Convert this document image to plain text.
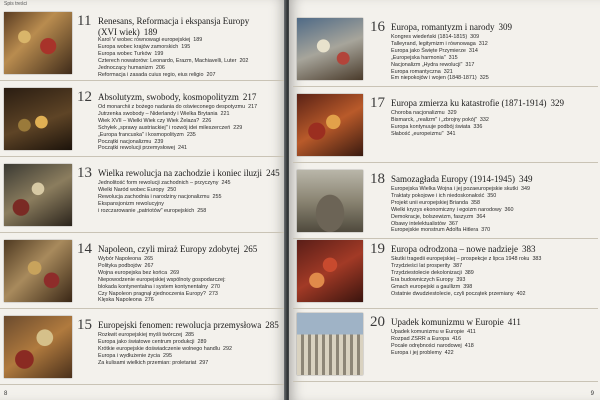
Spis treści
8
11 Renesans, Reformacja i ekspansja Europy
(XVI wiek) 189
Karol V wobec równowagi europejskiej 189
Europa wobec krajów zamorskich 195
Europa wobec Turków 199
Czterech nowatorów: Leonardo, Erazm, Machiavelli, Luter 202
Jednoczący humanizm 206
Reformacja i zasada cuius regio, eius religio 207
12 Absolutyzm, swobody, kosmopolityzm 217
Od monarchii z bożego nadania do oświeconego despotyzmu 217
Jutrzenka swobody – Niderlandy i Wielka Brytania 221
Wiek XVII – Wielki Wiek czy Wiek Żelaza? 226
Schyłek „sprawy austriackiej" i rozwój idei mileszerczeń 229
„Europa francuska" i kosmopolityzm 235
Początki nacjonalizmu 239
Początki rewolucji przemysłowej 241
13 Wielka rewolucja na zachodzie i koniec iluzji 245
Jednolitość form rewolucji zachodnich – przyczyny 245
Wielki Naród wobec Europy 250
Rewolucja zachodnia i narodziny nacjonalizmu 255
Ekspansjonizm rewolucyjny
i rozczarowanie „patriotów" europejskich 258
14 Napoleon, czyli miraż Europy zdobytej 265
Wybór Napoleona 265
Polityka podbojów 267
Wojna europejska bez końca 269
Niepowodzenie europejskiej wspólnoty gospodarczej:
blokada kontynentalna i system kontynentalny 270
Czy Napoleon pragnął zjednoczenia Europy? 273
Klęska Napoleona 276
15 Europejski fenomen: rewolucja przemysłowa 285
Rozkwit europejskiej myśli twórczej 285
Europa jako światowe centrum produkcji 289
Krótkie europejskie doświadczenie wolnego handlu 292
Europa i wydłużenie życia 295
Za kulisami wielkich przemian: proletariat 297
9
16 Europa, romantyzm i narody 309
Kongres wiedeński (1814-1815) 309
Talleyrand, legitymizm i równowaga 312
Europa jako Święte Przymierze 314
„Europejska harmonia" 315
Nacjonalizm „Hydra rewolucji" 317
Europa romantyczna 321
Em niepokojów i wojen (1848-1871) 325
17 Europa zmierza ku katastrofie (1871-1914) 329
Choroba nacjonalizmu 329
Bismarck, „realizm" i „zbrojny pokój" 332
Europa kontynuuje podbój świata 336
Słabość „europeizmu" 341
18 Samozagłada Europy (1914-1945) 349
Europejska Wielka Wojna i jej pozaeuropejskie skutki 349
Traktaty pokojowe i ich niedoskonałość 350
Projekt unii europejskiej Brianda 358
Wielki kryzys ekonomiczny i egoizm narodowy 360
Demokracje, bolszewizm, faszyzm 364
Obawy intelektualistów 367
Europejskie monstrum Adolfa Hitlera 370
19 Europa odrodzona – nowe nadzieje 383
Skutki tragedii europejskiej – prospekcje z lipca 1948 roku 383
Trzydzieści lat prosperity 387
Trzydziestolecie dekolonizacji 389
Era budowniczych Europy 393
Gmach europejski a gaullizm 398
Ostatnie dwudziestolecie, czyli początek przemiany 402
20 Upadek komunizmu w Europie 411
Upadek komunizmu w Europie 411
Rozpad ZSRR a Europa 416
Pocałe odrębności narodowej 418
Europa i jej problemy 422
